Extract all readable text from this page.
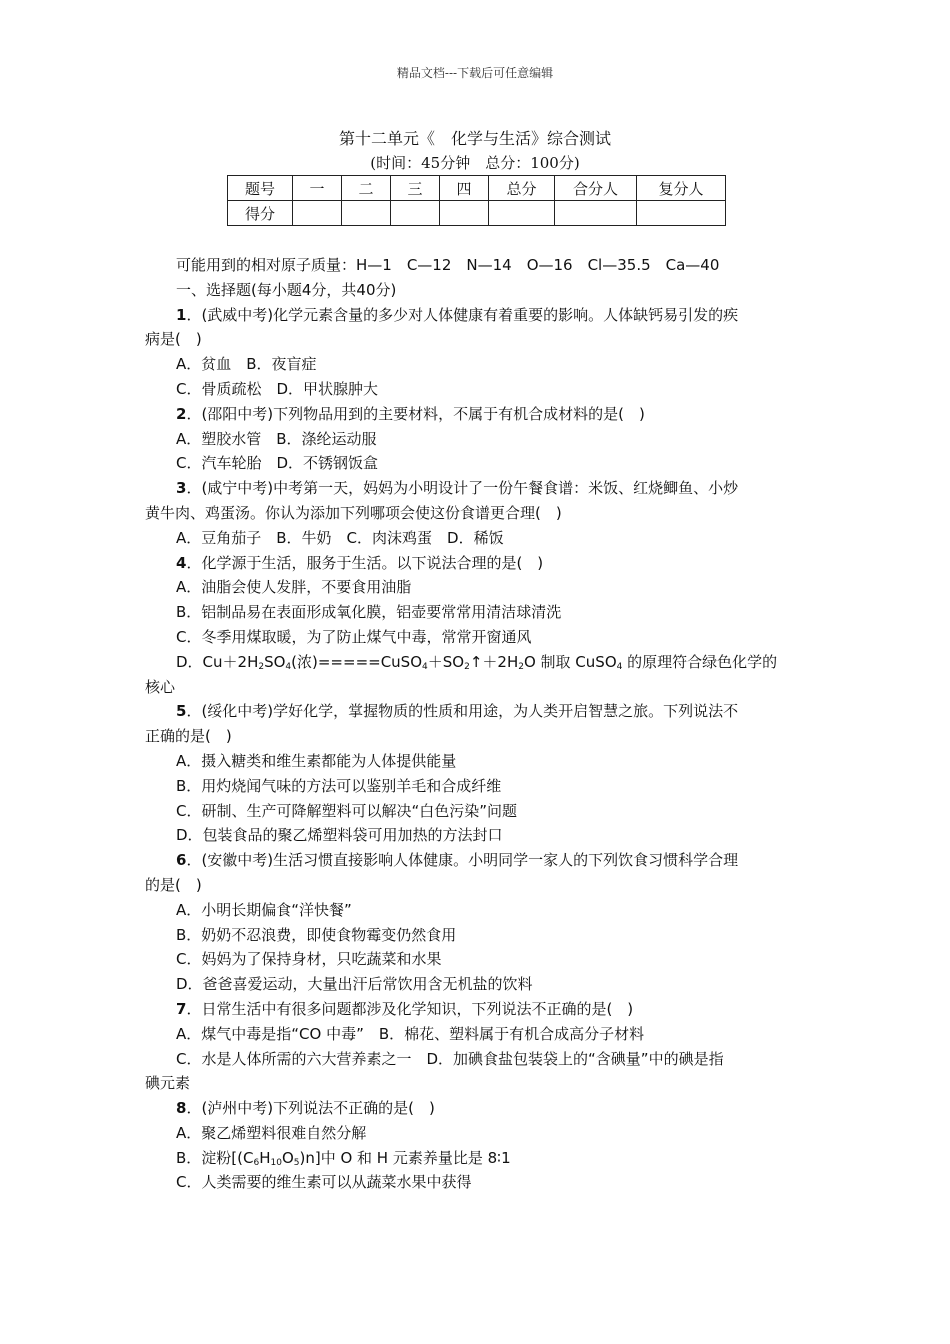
精品文档---下载后可任意编辑
第十二单元《　化学与生活》综合测试
(时间：45分钟　总分：100分)
题号	一	二	三	四	总分	合分人	复分人
得分							
可能用到的相对原子质量：H—1　C—12　N—14　O—16　Cl—35.5　Ca—40
一、选择题(每小题4分，共40分)
1．(武威中考)化学元素含量的多少对人体健康有着重要的影响。人体缺钙易引发的疾
病是(　)
A．贫血　B．夜盲症
C．骨质疏松　D．甲状腺肿大
2．(邵阳中考)下列物品用到的主要材料，不属于有机合成材料的是(　)
A．塑胶水管　B．涤纶运动服
C．汽车轮胎　D．不锈钢饭盒
3．(咸宁中考)中考第一天，妈妈为小明设计了一份午餐食谱：米饭、红烧鲫鱼、小炒
黄牛肉、鸡蛋汤。你认为添加下列哪项会使这份食谱更合理(　)
A．豆角茄子　B．牛奶　C．肉沫鸡蛋　D．稀饭
4．化学源于生活，服务于生活。以下说法合理的是(　)
A．油脂会使人发胖，不要食用油脂
B．铝制品易在表面形成氧化膜，铝壶要常常用清洁球清洗
C．冬季用煤取暖，为了防止煤气中毒，常常开窗通风
D．$Cu+2H_2SO_4$(浓)$=====CuSO_4+SO_2↑+2H_2O$ 制取 CuSO$_4$ 的原理符合绿色化学的
核心
5．(绥化中考)学好化学，掌握物质的性质和用途，为人类开启智慧之旅。下列说法不
正确的是(　)
A．摄入糖类和维生素都能为人体提供能量
B．用灼烧闻气味的方法可以鉴别羊毛和合成纤维
C．研制、生产可降解塑料可以解决“白色污染”问题
D．包装食品的聚乙烯塑料袋可用加热的方法封口
6．(安徽中考)生活习惯直接影响人体健康。小明同学一家人的下列饮食习惯科学合理
的是(　)
A．小明长期偏食“洋快餐”
B．奶奶不忍浪费，即使食物霉变仍然食用
C．妈妈为了保持身材，只吃蔬菜和水果
D．爸爸喜爱运动，大量出汗后常饮用含无机盐的饮料
7．日常生活中有很多问题都涉及化学知识，下列说法不正确的是(　)
A．煤气中毒是指“CO 中毒”　B．棉花、塑料属于有机合成高分子材料
C．水是人体所需的六大营养素之一　D．加碘食盐包装袋上的“含碘量”中的碘是指
碘元素
8．(泸州中考)下列说法不正确的是(　)
A．聚乙烯塑料很难自然分解
B．淀粉$[(C_6H_{10}O_5)n]$中 O 和 H 元素养量比是 8∶1
C．人类需要的维生素可以从蔬菜水果中获得
